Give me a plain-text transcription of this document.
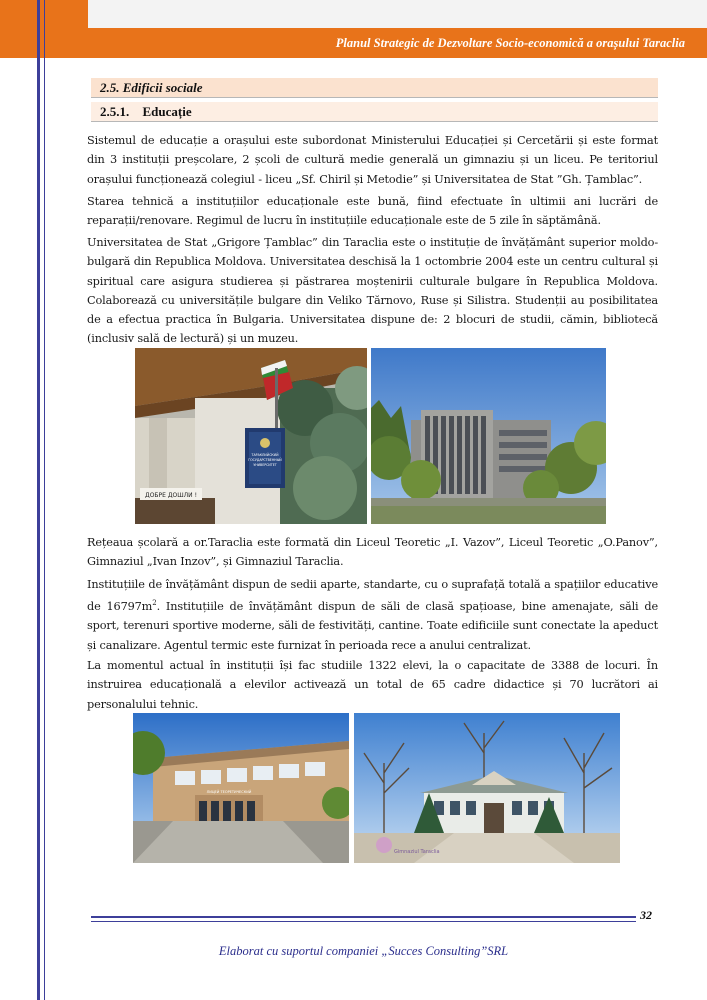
Planul Strategic de Dezvoltare Socio-economică a orașului Taraclia
2.5. Edificii sociale
2.5.1. Educație
Sistemul de educație a orașului este subordonat Ministerului Educației și Cercetării și este format din 3 instituții preșcolare, 2 școli de cultură medie generală un gimnaziu și un liceu. Pe teritoriul orașului funcționează colegiul - liceu „Sf. Chiril și Metodie” și Universitatea de Stat ”Gh. Țamblac”.
Starea tehnică a instituțiilor educaționale este bună, fiind efectuate în ultimii ani lucrări de reparații/renovare. Regimul de lucru în instituțiile educaționale este de 5 zile în săptămână.
Universitatea de Stat „Grigore Țamblac” din Taraclia este o instituție de învățământ superior moldo-bulgară din Republica Moldova. Universitatea deschisă la 1 octombrie 2004 este un centru cultural și spiritual care asigura studierea și păstrarea moștenirii culturale bulgare în Republica Moldova. Colaborează cu universitățile bulgare din Veliko Tărnovo, Ruse și Silistra. Studenții au posibilitatea de a efectua practica în Bulgaria. Universitatea dispune de: 2 blocuri de studii, cămin, bibliotecă (inclusiv sală de lectură) și un muzeu.
ТАРАКЛИЙСКИЙ
ГОСУДАРСТВЕННЫЙ
УНИВЕРСИТЕТ
ДОБРЕ ДОШЛИ !
Rețeaua școlară a or.Taraclia este formată din Liceul Teoretic „I. Vazov”, Liceul Teoretic „O.Panov”, Gimnaziul „Ivan Inzov”, și Gimnaziul Taraclia.
Instituțiile de învățământ dispun de sedii aparte, standarte, cu o suprafață totală a spațiilor educative de $16797m^2$. Instituțiile de învățământ dispun de săli de clasă spațioase, bine amenajate, săli de sport, terenuri sportive moderne, săli de festivități, cantine. Toate edificiile sunt conectate la apeduct și canalizare. Agentul termic este furnizat în perioada rece a anului centralizat.
La momentul actual în instituții își fac studiile 1322 elevi, la o capacitate de 3388 de locuri. În instruirea educațională a elevilor activează un total de 65 cadre didactice și 70 lucrători ai personalului tehnic.
ЛИЦЕЙ ТЕОРЕТИЧЕСКИЙ
Gimnaziul Taraclia
32
Elaborat cu suportul companiei „Succes Consulting”SRL
